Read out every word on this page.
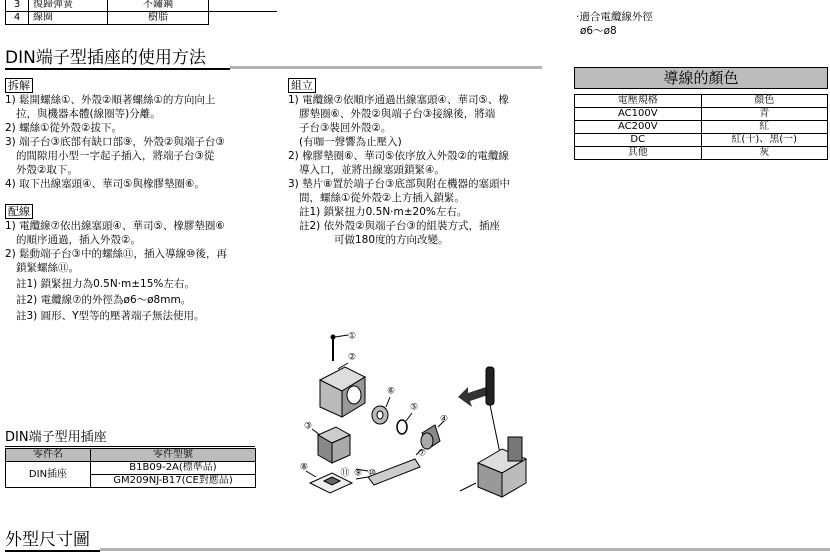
3	復歸彈簧	不鏽鋼	
4	線圈	樹脂		·適合電纜線外徑

ø6～ø8

DIN端子型插座的使用方法
拆解

1) 鬆開螺絲①、外殼②順著螺絲①的方向向上

拉，與機器本體(線圈等)分離。

2) 螺絲①從外殼②拔下。

3) 端子台③底部有缺口部⑨，外殼②與端子台③

的間隙用小型一字起子插入，將端子台③從

外殼②取下。

4) 取下出線塞頭④、華司⑤與橡膠墊圈⑥。

配線

1) 電纜線⑦依出線塞頭④、華司⑤、橡膠墊圈⑥

的順序通過，插入外殼②。

2) 鬆動端子台③中的螺絲⑪，插入導線⑩後，再

鎖緊螺絲⑪。

註1) 鎖緊扭力為0.5N·m±15%左右。

註2) 電纜線⑦的外徑為ø6～ø8mm。

註3) 圓形、Y型等的壓著端子無法使用。

組立

1) 電纜線⑦依順序通過出線塞頭④、華司⑤、橡

膠墊圈⑥、外殼②與端子台③接線後，將端

子台③裝回外殼②。

(有咖一聲響為止壓入)

2) 橡膠墊圈⑥、華司⑤依序放入外殼②的電纜線

導入口，並將出線塞頭鎖緊④。

3) 墊片⑧置於端子台③底部與附在機器的塞頭中

間，螺絲①從外殼②上方插入鎖緊。

註1) 鎖緊扭力0.5N·m±20%左右。

註2) 依外殼②與端子台③的組裝方式，插座

可做180度的方向改變。

導線的顏色
電壓規格	顏色
AC100V	青
AC200V	紅
DC	紅(十)、黑(一)
其他	灰
DIN端子型用插座
零件名	零件型號
DIN插座	B1B09-2A(標準品)
	GM209NJ-B17(CE對應品)
①
②
③
④
⑤
⑥
⑦
⑧
⑨ ⑩
⑪
外型尺寸圖
